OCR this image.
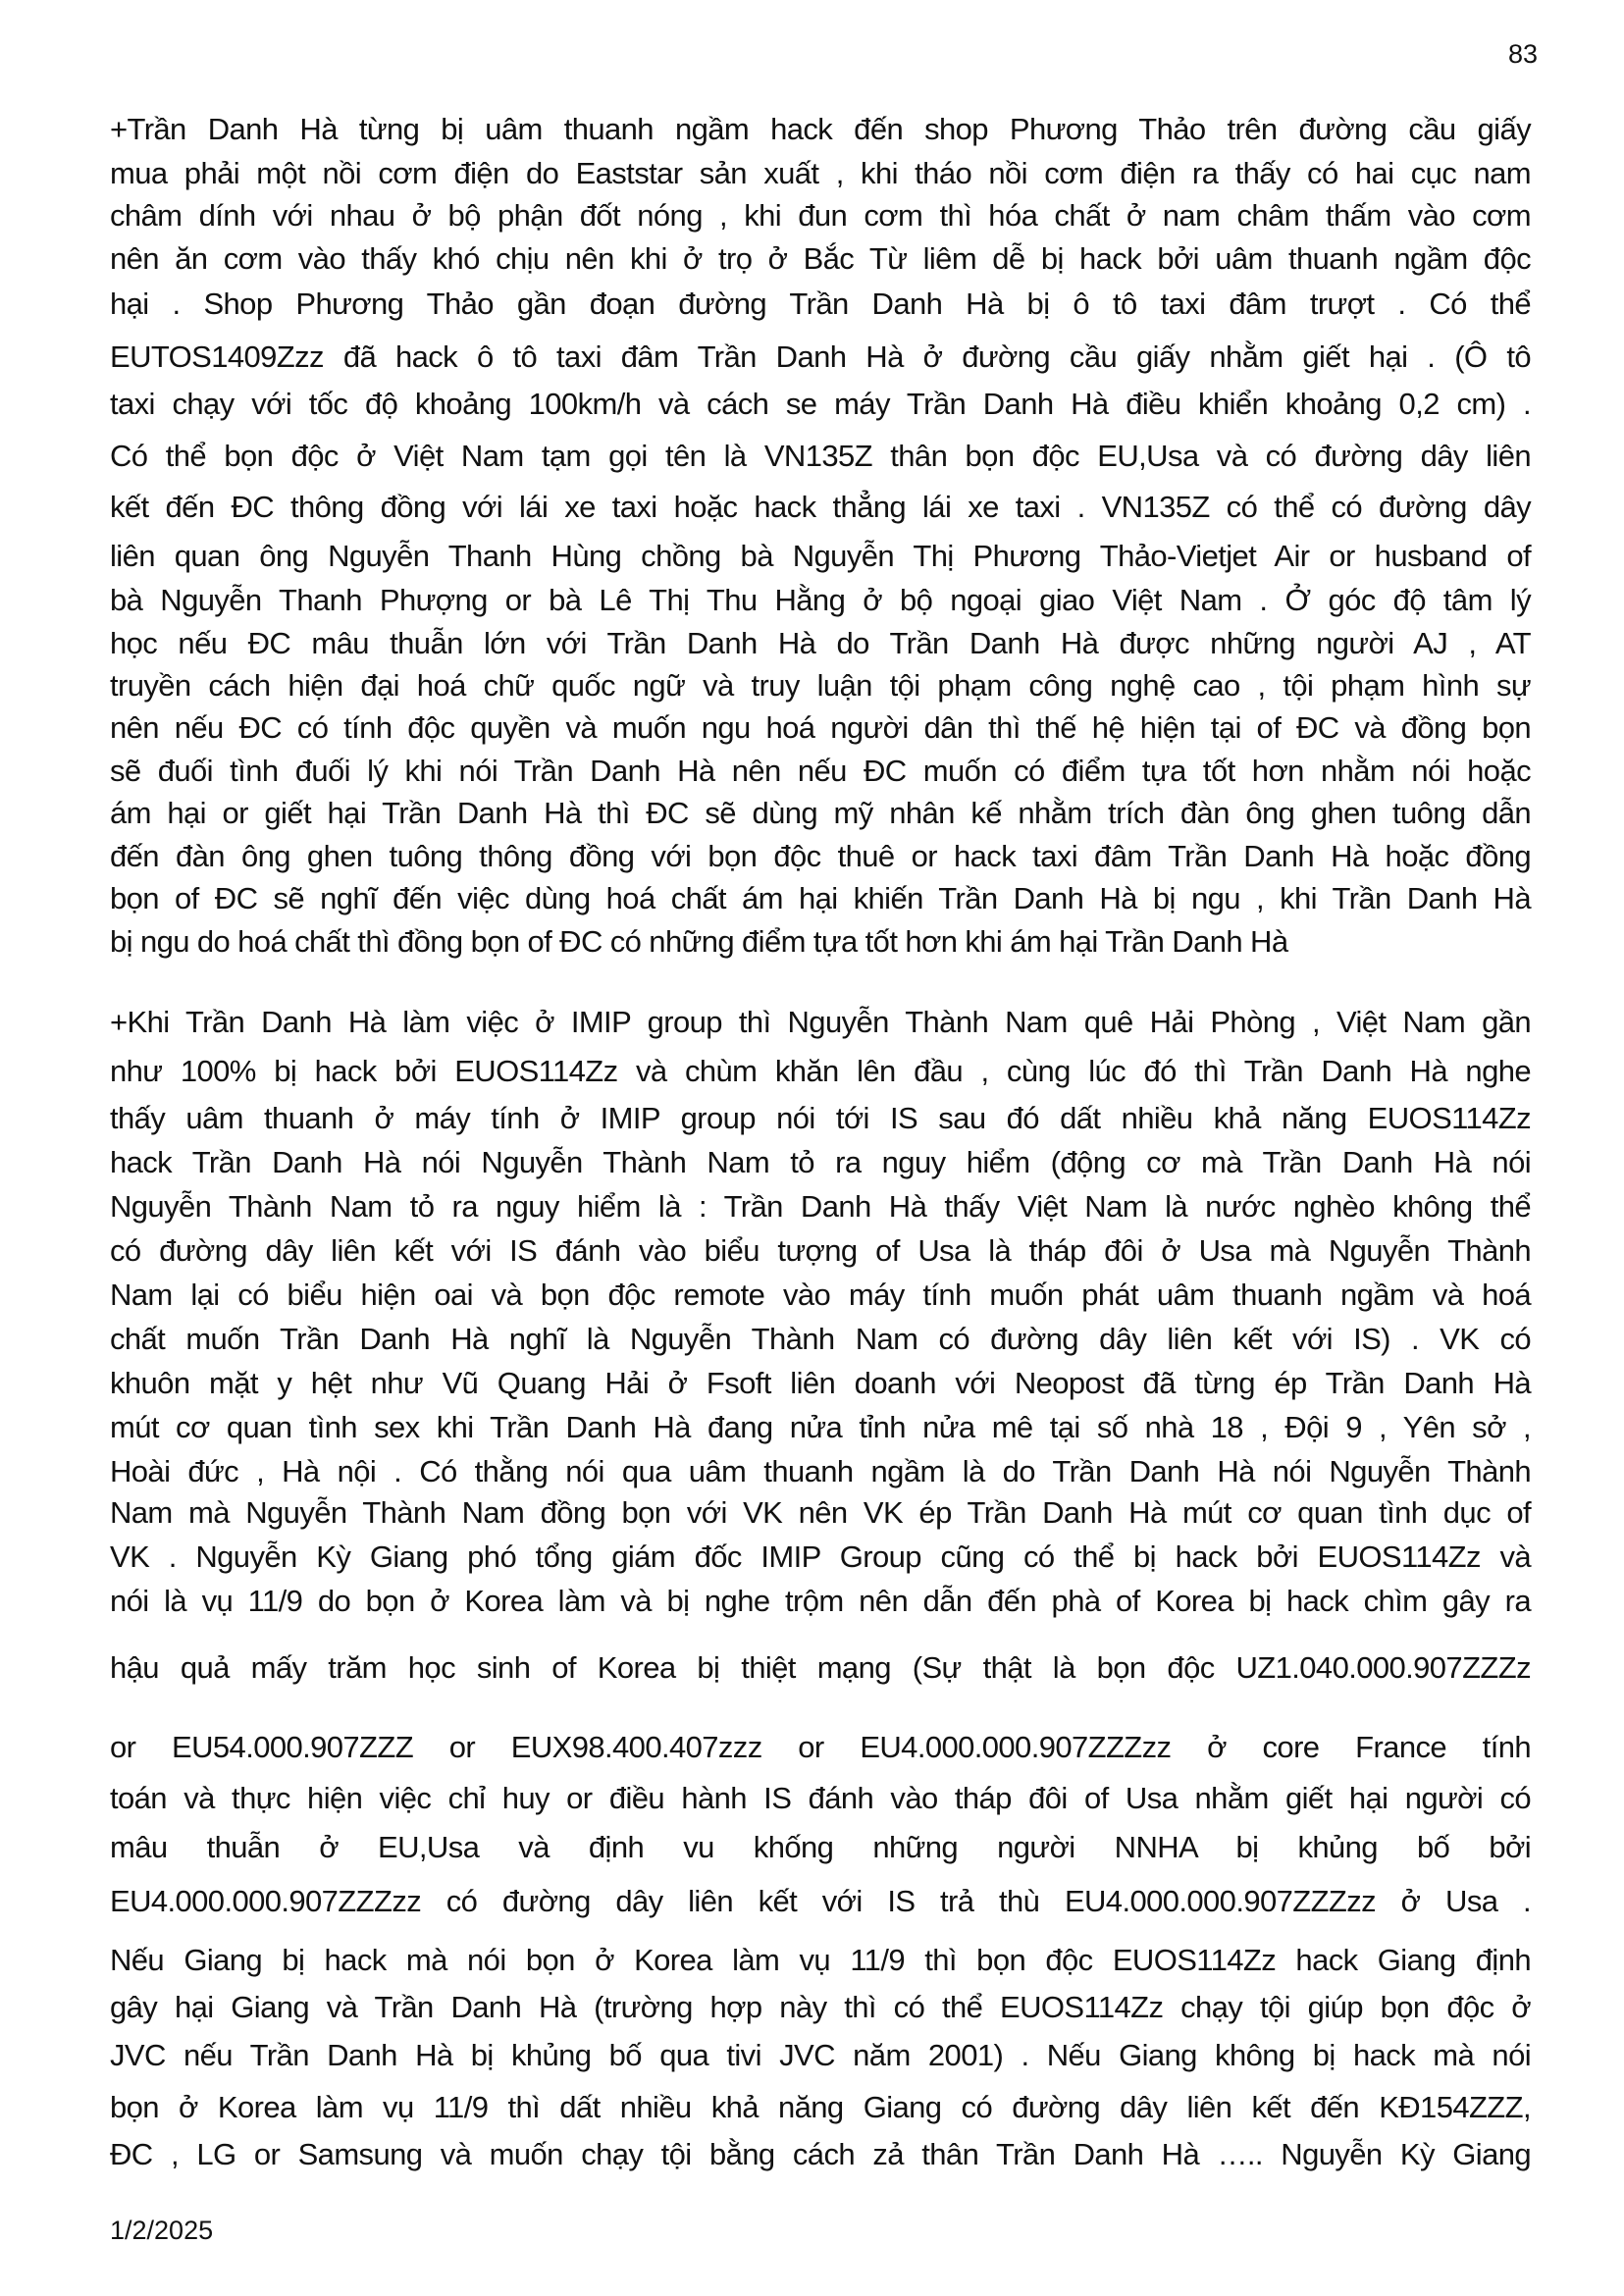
83
+Trần Danh Hà từng bị uâm thuanh ngầm hack đến shop Phương Thảo trên đường cầu giấy
mua phải một nồi cơm điện do Eaststar sản xuất , khi tháo nồi cơm điện ra thấy có hai cục nam
châm dính với nhau ở bộ phận đốt nóng , khi đun cơm thì hóa chất ở nam châm thấm vào cơm
nên ăn cơm vào thấy khó chịu nên khi ở trọ ở Bắc Từ liêm dễ bị hack bởi uâm thuanh ngầm độc
hại . Shop Phương Thảo gần đoạn đường Trần Danh Hà bị ô tô taxi đâm trượt . Có thể
EUTOS1409Zzz đã hack ô tô taxi đâm Trần Danh Hà ở đường cầu giấy nhằm giết hại . (Ô tô
taxi chạy với tốc độ khoảng 100km/h và cách se máy Trần Danh Hà điều khiển khoảng 0,2 cm) .
Có thể bọn độc ở Việt Nam tạm gọi tên là VN135Z thân bọn độc EU,Usa và có đường dây liên
kết đến ĐC thông đồng với lái xe taxi hoặc hack thẳng lái xe taxi . VN135Z có thể có đường dây
liên quan ông Nguyễn Thanh Hùng chồng bà Nguyễn Thị Phương Thảo-Vietjet Air or husband of
bà Nguyễn Thanh Phượng or bà Lê Thị Thu Hằng ở bộ ngoại giao Việt Nam . Ở góc độ tâm lý
học nếu ĐC mâu thuẫn lớn với Trần Danh Hà do Trần Danh Hà được những người AJ , AT
truyền cách hiện đại hoá chữ quốc ngữ và truy luận tội phạm công nghệ cao , tội phạm hình sự
nên nếu ĐC có tính độc quyền và muốn ngu hoá người dân thì thế hệ hiện tại of ĐC và đồng bọn
sẽ đuối tình đuối lý khi nói Trần Danh Hà nên nếu ĐC muốn có điểm tựa tốt hơn nhằm nói hoặc
ám hại or giết hại Trần Danh Hà thì ĐC sẽ dùng mỹ nhân kế nhằm trích đàn ông ghen tuông dẫn
đến đàn ông ghen tuông thông đồng với bọn độc thuê or hack taxi đâm Trần Danh Hà hoặc đồng
bọn of ĐC sẽ nghĩ đến việc dùng hoá chất ám hại khiến Trần Danh Hà bị ngu , khi Trần Danh Hà
bị ngu do hoá chất thì đồng bọn of ĐC có những điểm tựa tốt hơn khi ám hại Trần Danh Hà
+Khi Trần Danh Hà làm việc ở IMIP group thì Nguyễn Thành Nam quê Hải Phòng , Việt Nam gần
như 100% bị hack bởi EUOS114Zz và chùm khăn lên đầu , cùng lúc đó thì Trần Danh Hà nghe
thấy uâm thuanh ở máy tính ở IMIP group nói tới IS sau đó dất nhiều khả năng EUOS114Zz
hack Trần Danh Hà nói Nguyễn Thành Nam tỏ ra nguy hiểm (động cơ mà Trần Danh Hà nói
Nguyễn Thành Nam tỏ ra nguy hiểm là : Trần Danh Hà thấy Việt Nam là nước nghèo không thể
có đường dây liên kết với IS đánh vào biểu tượng of Usa là tháp đôi ở Usa mà Nguyễn Thành
Nam lại có biểu hiện oai và bọn độc remote vào máy tính muốn phát uâm thuanh ngầm và hoá
chất muốn Trần Danh Hà nghĩ là Nguyễn Thành Nam có đường dây liên kết với IS) . VK có
khuôn mặt y hệt như Vũ Quang Hải ở Fsoft liên doanh với Neopost đã từng ép Trần Danh Hà
mút cơ quan tình sex khi Trần Danh Hà đang nửa tỉnh nửa mê tại số nhà 18 , Đội 9 , Yên sở ,
Hoài đức , Hà nội . Có thằng nói qua uâm thuanh ngầm là do Trần Danh Hà nói Nguyễn Thành
Nam mà Nguyễn Thành Nam đồng bọn với VK nên VK ép Trần Danh Hà mút cơ quan tình dục of
VK . Nguyễn Kỳ Giang phó tổng giám đốc IMIP Group cũng có thể bị hack bởi EUOS114Zz và
nói là vụ 11/9 do bọn ở Korea làm và bị nghe trộm nên dẫn đến phà of Korea bị hack chìm gây ra
hậu quả mấy trăm học sinh of Korea bị thiệt mạng (Sự thật là bọn độc UZ1.040.000.907ZZZz
or EU54.000.907ZZZ or EUX98.400.407zzz or EU4.000.000.907ZZZzz ở core France tính
toán và thực hiện việc chỉ huy or điều hành IS đánh vào tháp đôi of Usa nhằm giết hại người có
mâu thuẫn ở EU,Usa và định vu khống những người NNHA bị khủng bố bởi
EU4.000.000.907ZZZzz có đường dây liên kết với IS trả thù EU4.000.000.907ZZZzz ở Usa .
Nếu Giang bị hack mà nói bọn ở Korea làm vụ 11/9 thì bọn độc EUOS114Zz hack Giang định
gây hại Giang và Trần Danh Hà (trường hợp này thì có thể EUOS114Zz chạy tội giúp bọn độc ở
JVC nếu Trần Danh Hà bị khủng bố qua tivi JVC năm 2001) . Nếu Giang không bị hack mà nói
bọn ở Korea làm vụ 11/9 thì dất nhiều khả năng Giang có đường dây liên kết đến KĐ154ZZZ,
ĐC , LG or Samsung và muốn chạy tội bằng cách zả thân Trần Danh Hà ….. Nguyễn Kỳ Giang
1/2/2025
